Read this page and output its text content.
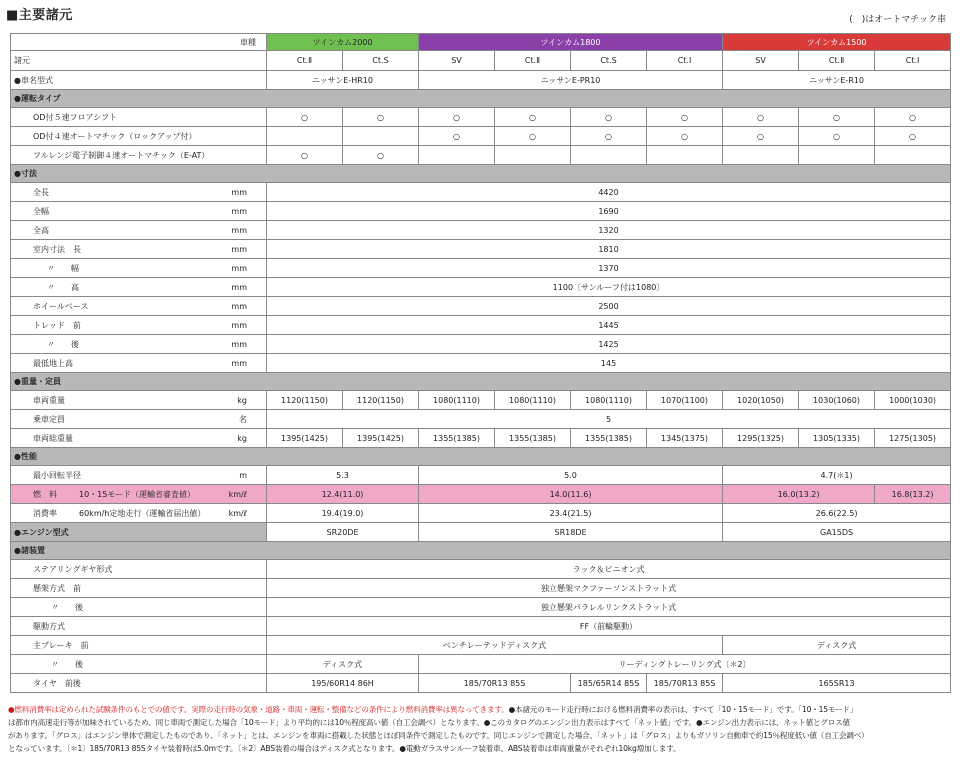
■主要諸元	(　)はオートマチック車
車種	ツインカム2000		ツインカム1800				ツインカム1500		
諸元	Ct.Ⅱ	Ct.S	SV	Ct.Ⅱ	Ct.S	Ct.Ⅰ	SV	Ct.Ⅱ	Ct.Ⅰ
●車名型式	ニッサンE-HR10		ニッサンE-PR10				ニッサンE-R10		
●運転タイプ									
OD付５速フロアシフト	○	○	○	○	○	○	○	○	○
OD付４速オートマチック（ロックアップ付）			○	○	○	○	○	○	○
フルレンジ電子制御４速オートマチック（E-AT）	○	○							
●寸法									
全長 mm	4420								
全幅 mm	1690								
全高 mm	1320								
室内寸法　長 mm	1810								
〃　　幅 mm	1370								
〃　　高 mm	1100〔サンルーフ付は1080〕								
ホイールベース mm	2500								
トレッド　前 mm	1445								
〃　　後 mm	1425								
最低地上高 mm	145								
●重量・定員									
車両重量 kg	1120(1150)	1120(1150)	1080(1110)	1080(1110)	1080(1110)	1070(1100)	1020(1050)	1030(1060)	1000(1030)
乗車定員 名	5								
車両総重量 kg	1395(1425)	1395(1425)	1355(1385)	1355(1385)	1355(1385)	1345(1375)	1295(1325)	1305(1335)	1275(1305)
●性能									
最小回転半径 m	5.3		5.0				4.7(＊1)		
燃　料 10・15モード（運輸省審査値） km/ℓ	12.4(11.0)		14.0(11.6)				16.0(13.2)		16.8(13.2)
消費率 60km/h定地走行（運輸省届出値） km/ℓ	19.4(19.0)		23.4(21.5)				26.6(22.5)		
●エンジン型式	SR20DE		SR18DE				GA15DS		
●諸装置									
ステアリングギヤ形式	ラック＆ピニオン式								
懸架方式　前	独立懸架マクファーソンストラット式								
〃　　後	独立懸架パラレルリンクストラット式								
駆動方式	FF（前輪駆動）								
主ブレーキ　前	ベンチレーテッドディスク式						ディスク式		
〃　　後	ディスク式		リーディングトレーリング式〔＊2〕						
タイヤ　前後	195/60R14 86H		185/70R13 85S		185/65R14 85S	185/70R13 85S	165SR13		
●燃料消費率は定められた試験条件のもとでの値です。実際の走行時の気象・道路・車両・運転・整備などの条件により燃料消費率は異なってきます。●本諸元のモード走行時における燃料消費率の表示は、すべて「10・15モード」です。「10・15モード」
は都市内高速走行等が加味されているため、同じ車両で測定した場合「10モード」より平均的には10％程度高い値（自工会調べ）となります。●このカタログのエンジン出力表示はすべて「ネット値」です。●エンジン出力表示には、ネット値とグロス値
があります。「グロス」はエンジン単体で測定したものであり、「ネット」とは、エンジンを車両に搭載した状態とほぼ同条件で測定したものです。同じエンジンで測定した場合、「ネット」は「グロス」よりもガソリン自動車で約15％程度低い値（自工会調べ）
となっています。〔＊1〕185/70R13 85Sタイヤ装着時は5.0mです。〔＊2〕ABS装着の場合はディスク式となります。●電動ガラスサンルーフ装着車、ABS装着車は車両重量がそれぞれ10kg増加します。
